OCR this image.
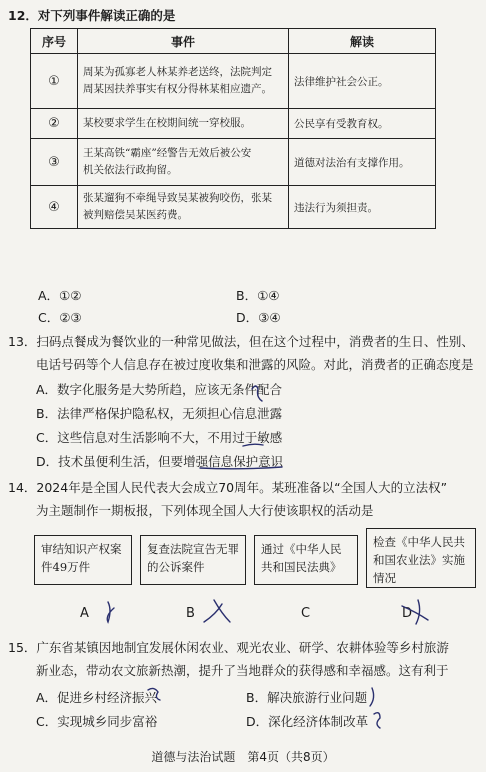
12．对下列事件解读正确的是
序号	事件	解读
①	周某为孤寡老人林某养老送终，法院判定
周某因扶养事实有权分得林某相应遗产。	法律维护社会公正。
②	某校要求学生在校期间统一穿校服。	公民享有受教育权。
③	王某高铁“霸座”经警告无效后被公安
机关依法行政拘留。	道德对法治有支撑作用。
④	张某遛狗不牵绳导致吴某被狗咬伤，张某
被判赔偿吴某医药费。	违法行为须担责。
A．①②	B．①④
C．②③	D．③④
13．扫码点餐成为餐饮业的一种常见做法，但在这个过程中，消费者的生日、性别、
电话号码等个人信息存在被过度收集和泄露的风险。对此，消费者的正确态度是
A．数字化服务是大势所趋，应该无条件配合
B．法律严格保护隐私权，无须担心信息泄露
C．这些信息对生活影响不大，不用过于敏感
D．技术虽便利生活，但要增强信息保护意识
14．2024年是全国人民代表大会成立70周年。某班准备以“全国人大的立法权”
为主题制作一期板报，下列体现全国人大行使该职权的活动是
审结知识产权案件49万件
复查法院宣告无罪的公诉案件
通过《中华人民共和国民法典》
检查《中华人民共和国农业法》实施情况
A	B	C	D
15．广东省某镇因地制宜发展休闲农业、观光农业、研学、农耕体验等乡村旅游
新业态，带动农文旅新热潮，提升了当地群众的获得感和幸福感。这有利于
A．促进乡村经济振兴	B．解决旅游行业问题
C．实现城乡同步富裕	D．深化经济体制改革
道德与法治试题　第4页（共8页）
